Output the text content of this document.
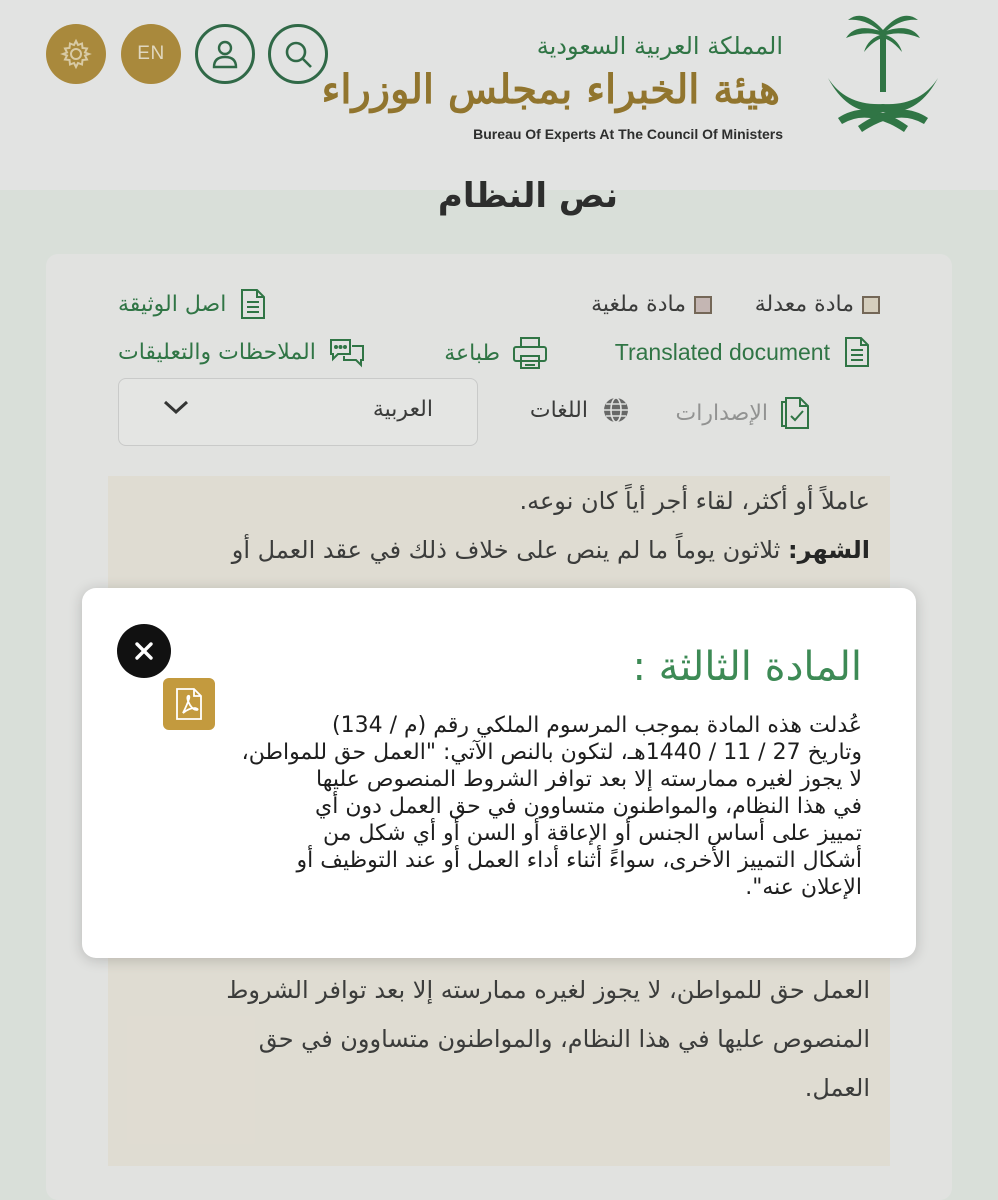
EN	المملكة العربية السعودية
هيئة الخبراء بمجلس الوزراء
Bureau Of Experts At The Council Of Ministers
نص النظام
مادة معدلة
مادة ملغية
اصل الوثيقة
Translated document
طباعة
الملاحظات والتعليقات
الإصدارات
اللغات
العربية
عاملاً أو أكثر، لقاء أجر أياً كان نوعه.
الشهر: ثلاثون يوماً ما لم ينص على خلاف ذلك في عقد العمل أو
العمل حق للمواطن، لا يجوز لغيره ممارسته إلا بعد توافر الشروط
المنصوص عليها في هذا النظام، والمواطنون متساوون في حق
العمل.
المادة الثالثة :
عُدلت هذه المادة بموجب المرسوم الملكي رقم (م / 134)
وتاريخ 27 / 11 / 1440هـ، لتكون بالنص الآتي: "العمل حق للمواطن،
لا يجوز لغيره ممارسته إلا بعد توافر الشروط المنصوص عليها
في هذا النظام، والمواطنون متساوون في حق العمل دون أي
تمييز على أساس الجنس أو الإعاقة أو السن أو أي شكل من
أشكال التمييز الأخرى، سواءً أثناء أداء العمل أو عند التوظيف أو
الإعلان عنه".
